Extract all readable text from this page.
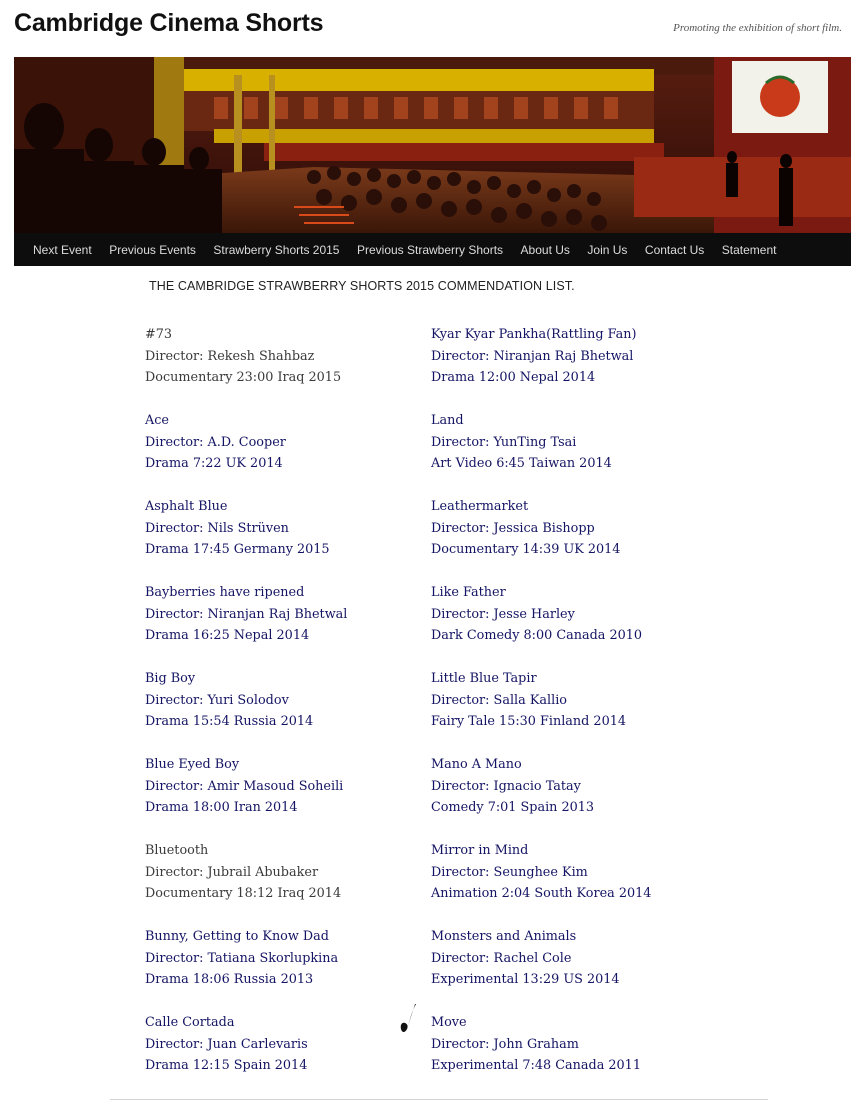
Cambridge Cinema Shorts	Promoting the exhibition of short film.
Next Event Previous Events Strawberry Shorts 2015 Previous Strawberry Shorts About Us Join Us Contact Us Statement
THE CAMBRIDGE STRAWBERRY SHORTS 2015 COMMENDATION LIST.
#73
Director: Rekesh Shahbaz
Documentary 23:00 Iraq 2015
Ace
Director: A.D. Cooper
Drama 7:22 UK 2014
Asphalt Blue
Director: Nils Strüven
Drama 17:45 Germany 2015
Bayberries have ripened
Director: Niranjan Raj Bhetwal
Drama 16:25 Nepal 2014
Big Boy
Director: Yuri Solodov
Drama 15:54 Russia 2014
Blue Eyed Boy
Director: Amir Masoud Soheili
Drama 18:00 Iran 2014
Bluetooth
Director: Jubrail Abubaker
Documentary 18:12 Iraq 2014
Bunny, Getting to Know Dad
Director: Tatiana Skorlupkina
Drama 18:06 Russia 2013
Calle Cortada
Director: Juan Carlevaris
Drama 12:15 Spain 2014
Kyar Kyar Pankha(Rattling Fan)
Director: Niranjan Raj Bhetwal
Drama 12:00 Nepal 2014
Land
Director: YunTing Tsai
Art Video 6:45 Taiwan 2014
Leathermarket
Director: Jessica Bishopp
Documentary 14:39 UK 2014
Like Father
Director: Jesse Harley
Dark Comedy 8:00 Canada 2010
Little Blue Tapir
Director: Salla Kallio
Fairy Tale 15:30 Finland 2014
Mano A Mano
Director: Ignacio Tatay
Comedy 7:01 Spain 2013
Mirror in Mind
Director: Seunghee Kim
Animation 2:04 South Korea 2014
Monsters and Animals
Director: Rachel Cole
Experimental 13:29 US 2014
Move
Director: John Graham
Experimental 7:48 Canada 2011
